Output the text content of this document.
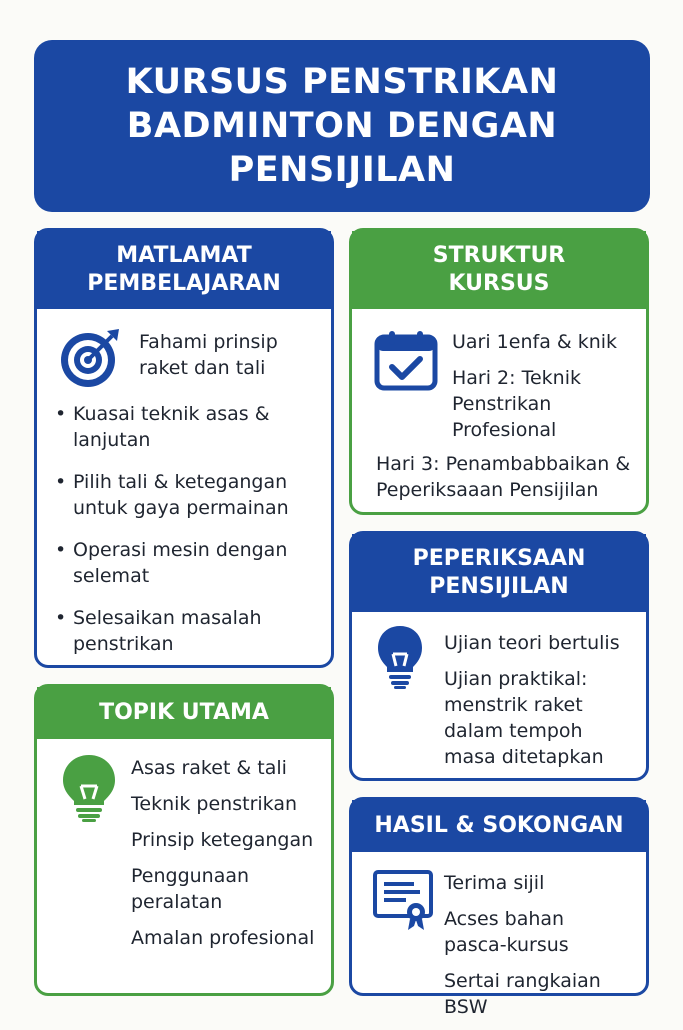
KURSUS PENSTRIKAN BADMINTON DENGAN PENSIJILAN
MATLAMAT PEMBELAJARAN
Fahami prinsip raket dan tali
• Kuasai teknik asas & lanjutan
• Pilih tali & ketegangan untuk gaya permainan
• Operasi mesin dengan selemat
• Selesaikan masalah penstrikan
STRUKTUR KURSUS

Uari 1enfa & knik

Hari 2: Teknik Penstrikan Profesional

Hari 3: Penambabbaikan & Peperiksaaan Pensijilan
TOPIK UTAMA

Asas raket & tali

Teknik penstrikan

Prinsip ketegangan

Penggunaan peralatan

Amalan profesional

PEPERIKSAAN PENSIJILAN

Ujian teori bertulis

Ujian praktikal: menstrik raket dalam tempoh masa ditetapkan

HASIL & SOKONGAN

Terima sijil

Acses bahan pasca-kursus

Sertai rangkaian BSW
